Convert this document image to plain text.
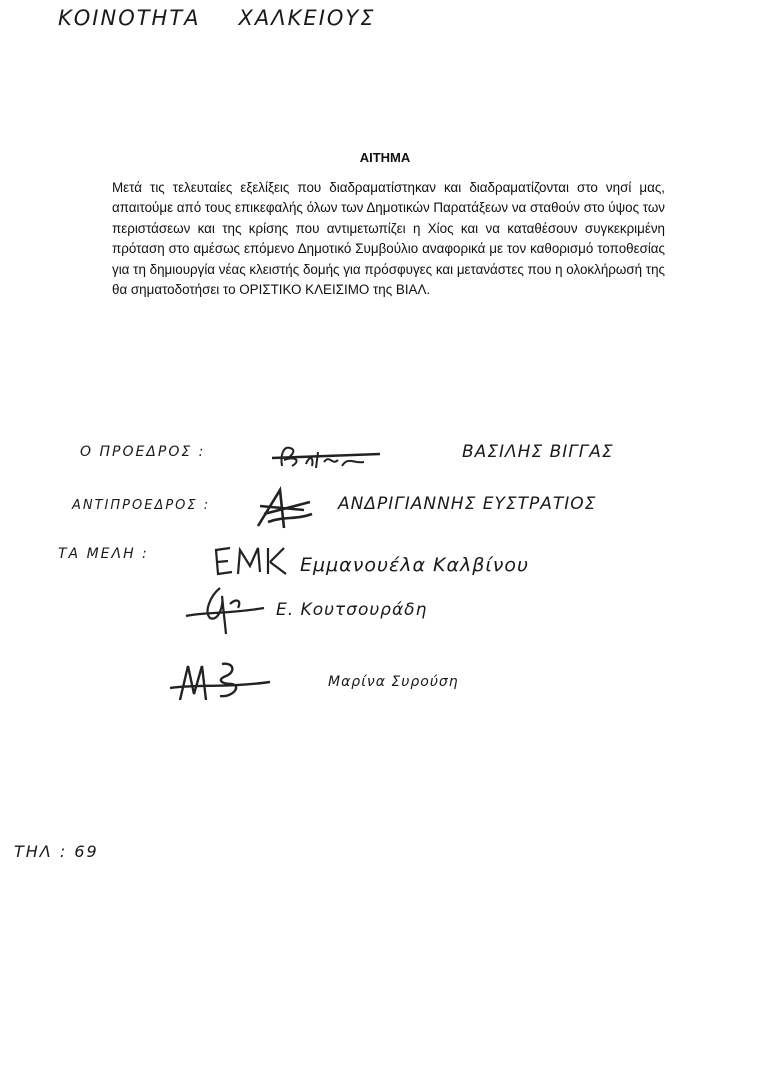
ΚΟΙΝΟΤΗΤΑ ΧΑΛΚΕΙΟΥΣ
ΑΙΤΗΜΑ

Μετά τις τελευταίες εξελίξεις που διαδραματίστηκαν και διαδραματίζονται στο νησί μας, απαιτούμε από τους επικεφαλής όλων των Δημοτικών Παρατάξεων να σταθούν στο ύψος των περιστάσεων και της κρίσης που αντιμετωπίζει η Χίος και να καταθέσουν συγκεκριμένη πρόταση στο αμέσως επόμενο Δημοτικό Συμβούλιο αναφορικά με τον καθορισμό τοποθεσίας για τη δημιουργία νέας κλειστής δομής για πρόσφυγες και μετανάστες που η ολοκλήρωσή της θα σηματοδοτήσει το ΟΡΙΣΤΙΚΟ ΚΛΕΙΣΙΜΟ της ΒΙΑΛ.

Ο ΠΡΟΕΔΡΟΣ :	ΒΑΣΙΛΗΣ ΒΙΓΓΑΣ
ΑΝΤΙΠΡΟΕΔΡΟΣ :	ΑΝΔΡΙΓΙΑΝΝΗΣ ΕΥΣΤΡΑΤΙΟΣ
ΤΑ ΜΕΛΗ :	Εμμανουέλα Καλβίνου
Ε. Κουτσουράδη
Μαρίνα Συρούση
ΤΗΛ : 69
